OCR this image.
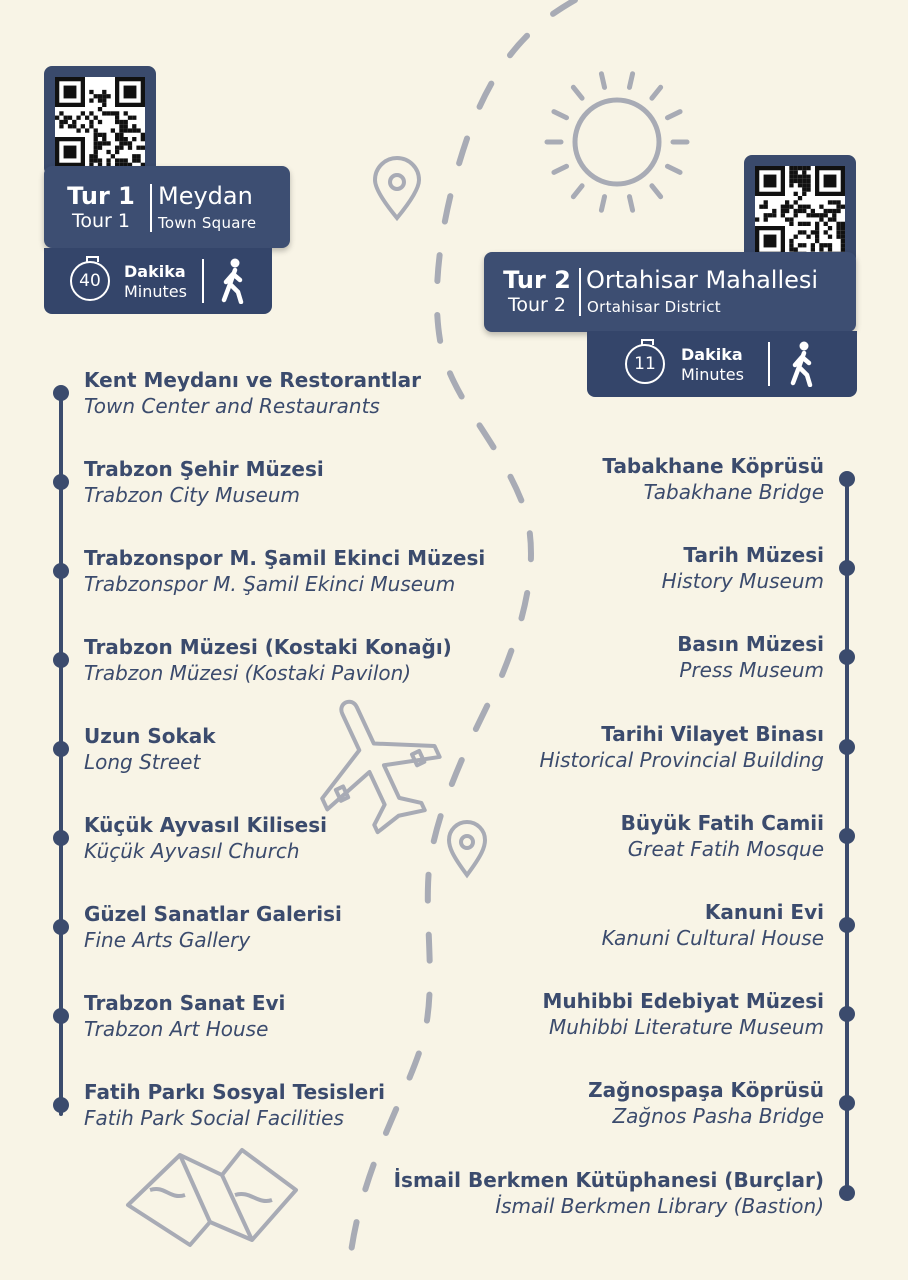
Tur 1
Tour 1
Meydan
Town Square
40	Dakika
Minutes
Kent Meydanı ve Restorantlar
Town Center and Restaurants
Trabzon Şehir Müzesi
Trabzon City Museum
Trabzonspor M. Şamil Ekinci Müzesi
Trabzonspor M. Şamil Ekinci Museum
Trabzon Müzesi (Kostaki Konağı)
Trabzon Müzesi (Kostaki Pavilon)
Uzun Sokak
Long Street
Küçük Ayvasıl Kilisesi
Küçük Ayvasıl Church
Güzel Sanatlar Galerisi
Fine Arts Gallery
Trabzon Sanat Evi
Trabzon Art House
Fatih Parkı Sosyal Tesisleri
Fatih Park Social Facilities
Tur 2
Tour 2
Ortahisar Mahallesi
Ortahisar District
11	Dakika
Minutes
Tabakhane Köprüsü
Tabakhane Bridge
Tarih Müzesi
History Museum
Basın Müzesi
Press Museum
Tarihi Vilayet Binası
Historical Provincial Building
Büyük Fatih Camii
Great Fatih Mosque
Kanuni Evi
Kanuni Cultural House
Muhibbi Edebiyat Müzesi
Muhibbi Literature Museum
Zağnospaşa Köprüsü
Zağnos Pasha Bridge
İsmail Berkmen Kütüphanesi (Burçlar)
İsmail Berkmen Library (Bastion)
